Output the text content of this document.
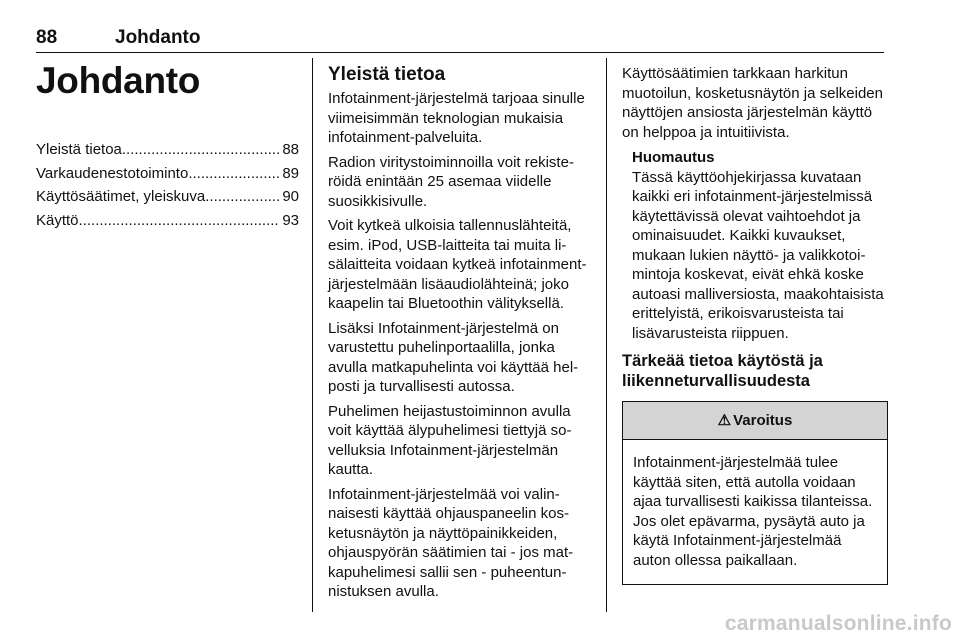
88	Johdanto
Johdanto
Yleistä tietoa .....	88
Varkaudenestotoiminto .....	89
Käyttösäätimet, yleiskuva .....	90
Käyttö .....	93
Yleistä tietoa
Infotainment-järjestelmä tarjoaa sinulle viimeisimmän teknologian mukaisia infotainment-palveluita.
Radion viritystoiminnoilla voit rekisteröidä enintään 25 asemaa viidelle suosikkisivulle.
Voit kytkeä ulkoisia tallennuslähteitä, esim. iPod, USB-laitteita tai muita lisälaitteita voidaan kytkeä infotainment-järjestelmään lisäaudiolähteinä; joko kaapelin tai Bluetoothin välityksellä.
Lisäksi Infotainment-järjestelmä on varustettu puhelinportaalilla, jonka avulla matkapuhelinta voi käyttää helposti ja turvallisesti autossa.
Puhelimen heijastustoiminnon avulla voit käyttää älypuhelimesi tiettyjä sovelluksia Infotainment-järjestelmän kautta.
Infotainment-järjestelmää voi valinnaisesti käyttää ohjauspaneelin kosketusnäytön ja näyttöpainikkeiden, ohjauspyörän säätimien tai - jos matkapuhelimesi sallii sen - puheentunnistuksen avulla.
Käyttösäätimien tarkkaan harkitun muotoilun, kosketusnäytön ja selkeiden näyttöjen ansiosta järjestelmän käyttö on helppoa ja intuitiivista.
Huomautus
Tässä käyttöohjekirjassa kuvataan kaikki eri infotainment-järjestelmissä käytettävissä olevat vaihtoehdot ja ominaisuudet. Kaikki kuvaukset, mukaan lukien näyttö- ja valikkotoimintoja koskevat, eivät ehkä koske autoasi malliversiosta, maakohtaisista erittelyistä, erikoisvarusteista tai lisävarusteista riippuen.
Tärkeää tietoa käytöstä ja liikenneturvallisuudesta
⚠ Varoitus
Infotainment-järjestelmää tulee käyttää siten, että autolla voidaan ajaa turvallisesti kaikissa tilanteissa. Jos olet epävarma, pysäytä auto ja käytä Infotainment-järjestelmää auton ollessa paikallaan.
carmanualsonline.info
